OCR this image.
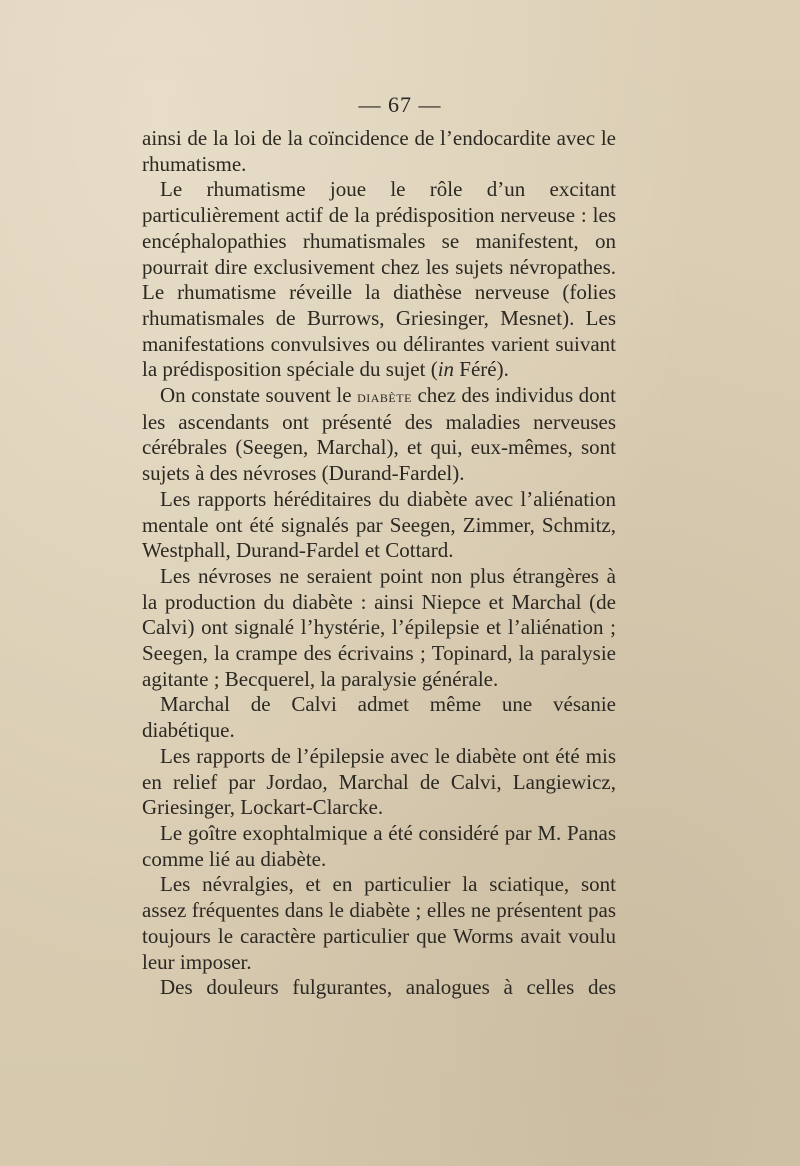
— 67 —

ainsi de la loi de la coïncidence de l’endocardite avec le rhumatisme.

Le rhumatisme joue le rôle d’un excitant particulièrement actif de la prédisposition nerveuse : les encéphalopathies rhumatismales se manifestent, on pourrait dire exclusivement chez les sujets névropathes. Le rhumatisme réveille la diathèse nerveuse (folies rhumatismales de Burrows, Griesinger, Mesnet). Les manifestations convulsives ou délirantes varient suivant la prédisposition spéciale du sujet (in Féré).

On constate souvent le diabète chez des individus dont les ascendants ont présenté des maladies nerveuses cérébrales (Seegen, Marchal), et qui, eux-mêmes, sont sujets à des névroses (Durand-Fardel).

Les rapports héréditaires du diabète avec l’aliénation mentale ont été signalés par Seegen, Zimmer, Schmitz, Westphall, Durand-Fardel et Cottard.

Les névroses ne seraient point non plus étrangères à la production du diabète : ainsi Niepce et Marchal (de Calvi) ont signalé l’hystérie, l’épilepsie et l’aliénation ; Seegen, la crampe des écrivains ; Topinard, la paralysie agitante ; Becquerel, la paralysie générale.

Marchal de Calvi admet même une vésanie diabétique.

Les rapports de l’épilepsie avec le diabète ont été mis en relief par Jordao, Marchal de Calvi, Langiewicz, Griesinger, Lockart-Clarcke.

Le goître exophtalmique a été considéré par M. Panas comme lié au diabète.

Les névralgies, et en particulier la sciatique, sont assez fréquentes dans le diabète ; elles ne présentent pas toujours le caractère particulier que Worms avait voulu leur imposer.

Des douleurs fulgurantes, analogues à celles des
